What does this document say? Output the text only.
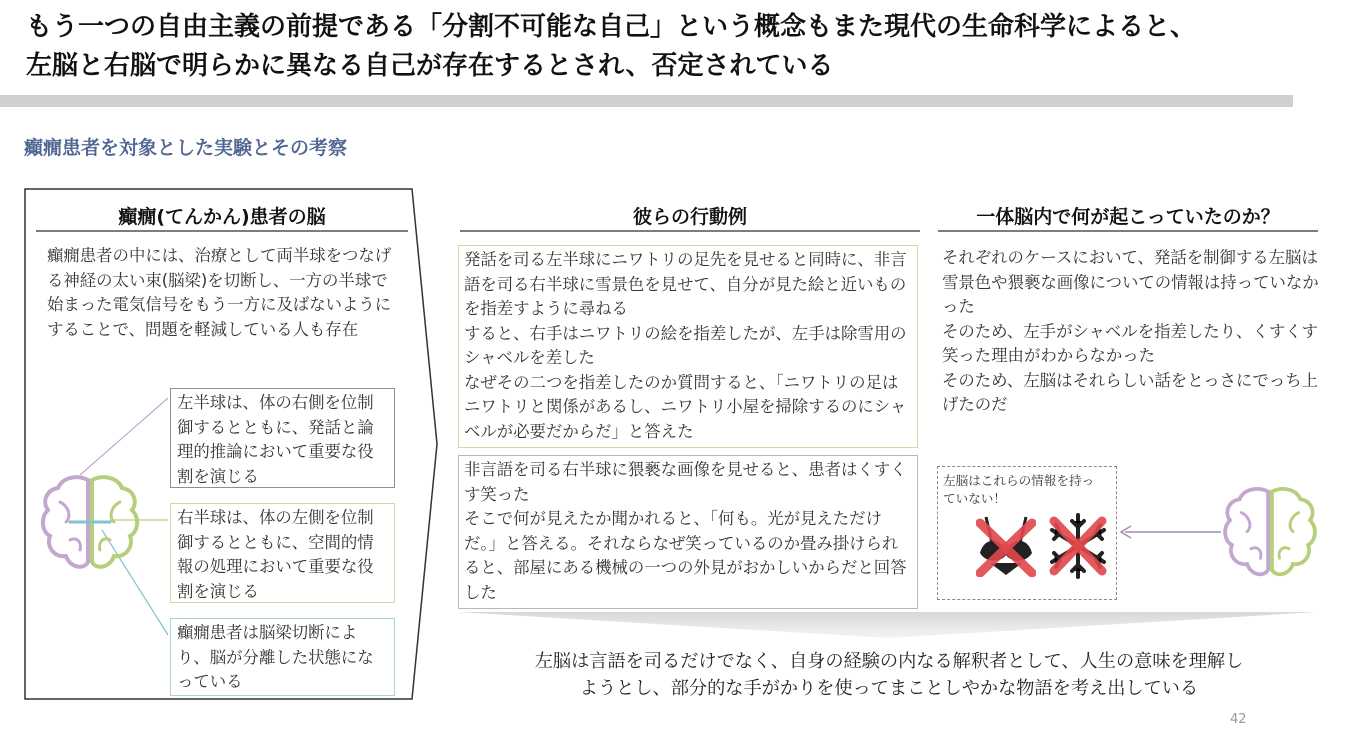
もう一つの自由主義の前提である「分割不可能な自己」という概念もまた現代の生命科学によると、
左脳と右脳で明らかに異なる自己が存在するとされ、否定されている
癲癇患者を対象とした実験とその考察
癲癇(てんかん)患者の脳
癲癇患者の中には、治療として両半球をつなげる神経の太い束(脳梁)を切断し、一方の半球で始まった電気信号をもう一方に及ばないようにすることで、問題を軽減している人も存在
左半球は、体の右側を位制御するとともに、発話と論理的推論において重要な役割を演じる
右半球は、体の左側を位制御するとともに、空間的情報の処理において重要な役割を演じる
癲癇患者は脳梁切断により、脳が分離した状態になっている
彼らの行動例

発話を司る左半球にニワトリの足先を見せると同時に、非言語を司る右半球に雪景色を見せて、自分が見た絵と近いものを指差すように尋ねる

すると、右手はニワトリの絵を指差したが、左手は除雪用のシャベルを差した

なぜその二つを指差したのか質問すると、「ニワトリの足はニワトリと関係があるし、ニワトリ小屋を掃除するのにシャベルが必要だからだ」と答えた

非言語を司る右半球に猥褻な画像を見せると、患者はくすくす笑った

そこで何が見えたか聞かれると、「何も。光が見えただけだ。」と答える。それならなぜ笑っているのか畳み掛けられると、部屋にある機械の一つの外見がおかしいからだと回答した

一体脳内で何が起こっていたのか？

それぞれのケースにおいて、発話を制御する左脳は雪景色や猥褻な画像についての情報は持っていなかった

そのため、左手がシャベルを指差したり、くすくす笑った理由がわからなかった

そのため、左脳はそれらしい話をとっさにでっち上げたのだ

左脳はこれらの情報を持っていない！
左脳は言語を司るだけでなく、自身の経験の内なる解釈者として、人生の意味を理解し
ようとし、部分的な手がかりを使ってまことしやかな物語を考え出している
42
